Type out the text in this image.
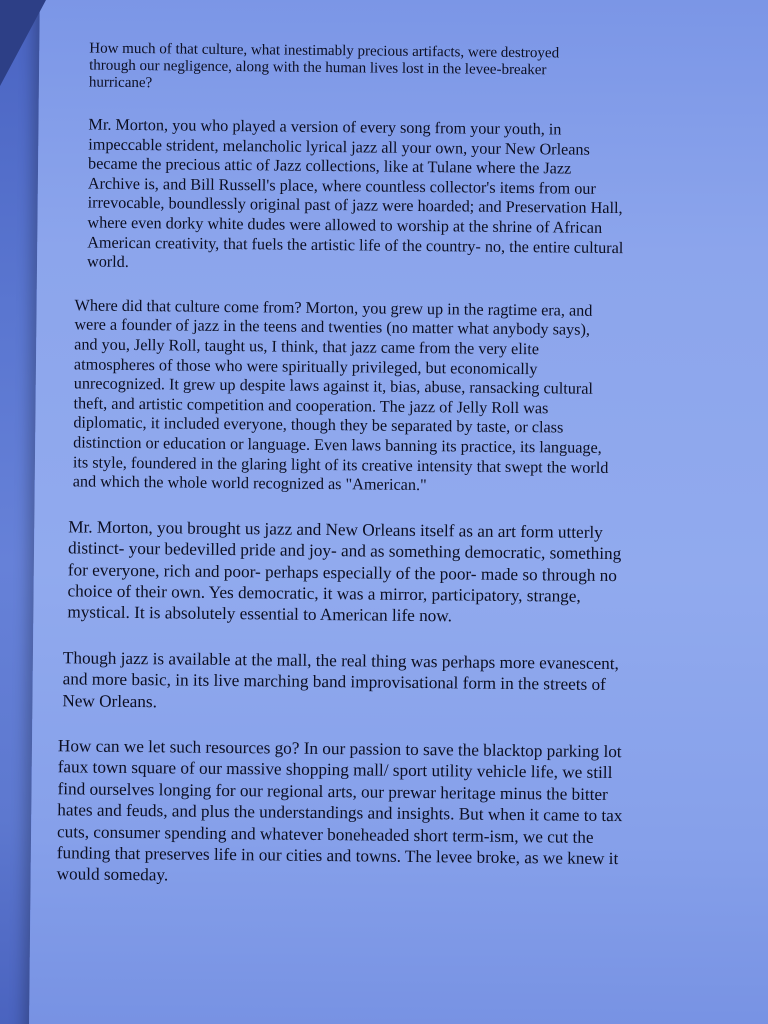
How much of that culture, what inestimably precious artifacts, were destroyed
through our negligence, along with the human lives lost in the levee-breaker
hurricane?
Mr. Morton, you who played a version of every song from your youth, in
impeccable strident, melancholic lyrical jazz all your own, your New Orleans
became the precious attic of Jazz collections, like at Tulane where the Jazz
Archive is, and Bill Russell's place, where countless collector's items from our
irrevocable, boundlessly original past of jazz were hoarded; and Preservation Hall,
where even dorky white dudes were allowed to worship at the shrine of African
American creativity, that fuels the artistic life of the country- no, the entire cultural
world.
Where did that culture come from? Morton, you grew up in the ragtime era, and
were a founder of jazz in the teens and twenties (no matter what anybody says),
and you, Jelly Roll, taught us, I think, that jazz came from the very elite
atmospheres of those who were spiritually privileged, but economically
unrecognized. It grew up despite laws against it, bias, abuse, ransacking cultural
theft, and artistic competition and cooperation. The jazz of Jelly Roll was
diplomatic, it included everyone, though they be separated by taste, or class
distinction or education or language. Even laws banning its practice, its language,
its style, foundered in the glaring light of its creative intensity that swept the world
and which the whole world recognized as "American."
Mr. Morton, you brought us jazz and New Orleans itself as an art form utterly
distinct- your bedevilled pride and joy- and as something democratic, something
for everyone, rich and poor- perhaps especially of the poor- made so through no
choice of their own. Yes democratic, it was a mirror, participatory, strange,
mystical. It is absolutely essential to American life now.
Though jazz is available at the mall, the real thing was perhaps more evanescent,
and more basic, in its live marching band improvisational form in the streets of
New Orleans.
How can we let such resources go? In our passion to save the blacktop parking lot
faux town square of our massive shopping mall/ sport utility vehicle life, we still
find ourselves longing for our regional arts, our prewar heritage minus the bitter
hates and feuds, and plus the understandings and insights. But when it came to tax
cuts, consumer spending and whatever boneheaded short term-ism, we cut the
funding that preserves life in our cities and towns. The levee broke, as we knew it
would someday.
